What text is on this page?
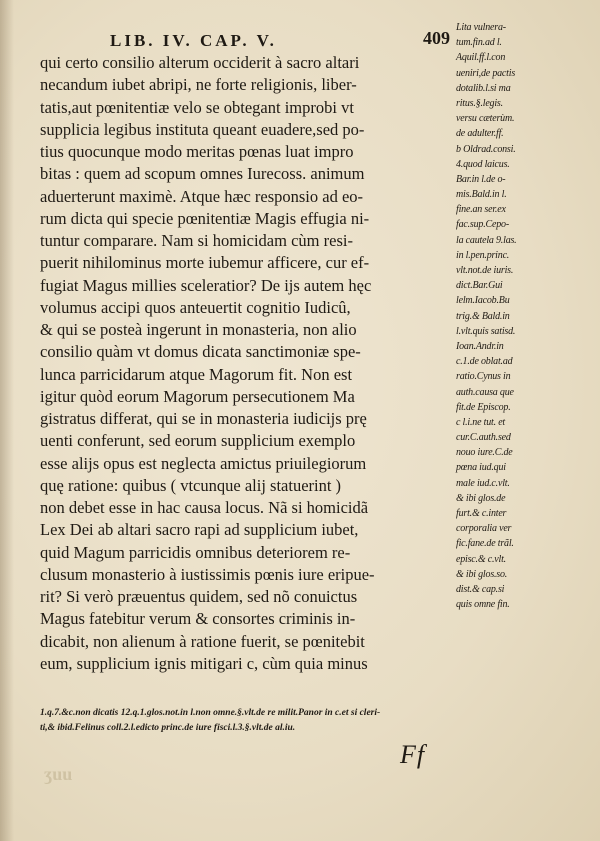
LIB. IV. CAP. V.	409
qui certo consilio alterum occiderit à sacro altari
necandum iubet abripi, ne forte religionis, liber-
tatis,aut pœnitentiæ velo se obtegant improbi vt
supplicia legibus instituta queant euadere,sed po-
tius quocunque modo meritas pœnas luat impro
bitas : quem ad scopum omnes Iurecoss. animum
aduerterunt maximè. Atque hæc responsio ad eo-
rum dicta qui specie pœnitentiæ Magis effugia ni-
tuntur comparare. Nam si homicidam cùm resi-
puerit nihilominus morte iubemur afficere, cur ef-
fugiat Magus millies sceleratior? De ijs autem hęc
volumus accipi quos anteuertit cognitio Iudicû,
& qui se posteà ingerunt in monasteria, non alio
consilio quàm vt domus dicata sanctimoniæ spe-
lunca parricidarum atque Magorum fit. Non est
igitur quòd eorum Magorum persecutionem Ma
gistratus differat, qui se in monasteria iudicijs prę
uenti conferunt, sed eorum supplicium exemplo
esse alijs opus est neglecta amictus priuilegiorum
quę ratione: quibus ( vtcunque alij statuerint )
non debet esse in hac causa locus. Nã si homicidã
Lex Dei ab altari sacro rapi ad supplicium iubet,
quid Magum parricidis omnibus deteriorem re-
clusum monasterio à iustissimis pœnis iure eripue-
rit? Si verò præuentus quidem, sed nõ conuictus
Magus fatebitur verum & consortes criminis in-
dicabit, non alienum à ratione fuerit, se pœnitebit
eum, supplicium ignis mitigari c, cùm quia minus
Lita vulnera-
tum.fin.ad l.
Aquil.ff.l.con
ueniri,de pactis
dotalib.l.si ma
ritus.§.legis.
versu cæterùm.
de adulter.ff.
b Oldrad.consi.
4.quod laicus.
Bar.in l.de o-
mis.Bald.in l.
fine.an ser.ex
fac.sup.Cepo-
la cautela 9.las.
in l.pen.princ.
vlt.not.de iuris.
dict.Bar.Gui
lelm.Iacob.Bu
trig.& Bald.in
l.vlt.quis satisd.
Ioan.Andr.in
c.1.de oblat.ad
ratio.Cynus in
auth.causa que
fit.de Episcop.
c l.i.ne tut. et
cur.C.auth.sed
nouo iure.C.de
pœna iud.qui
male iud.c.vlt.
& ibi glos.de
furt.& c.inter
corporalia ver
fic.fane.de trãl.
episc.& c.vlt.
& ibi glos.so.
dist.& cap.si
quis omne fin.
1.q.7.&c.non dicatis 12.q.1.glos.not.in l.non omne.§.vlt.de re milit.Panor in c.et si cleri-
ti,& ibid.Felinus coll.2.l.edicto princ.de iure fisci.l.3.§.vlt.de al.iu.
Ff
ʒuu
